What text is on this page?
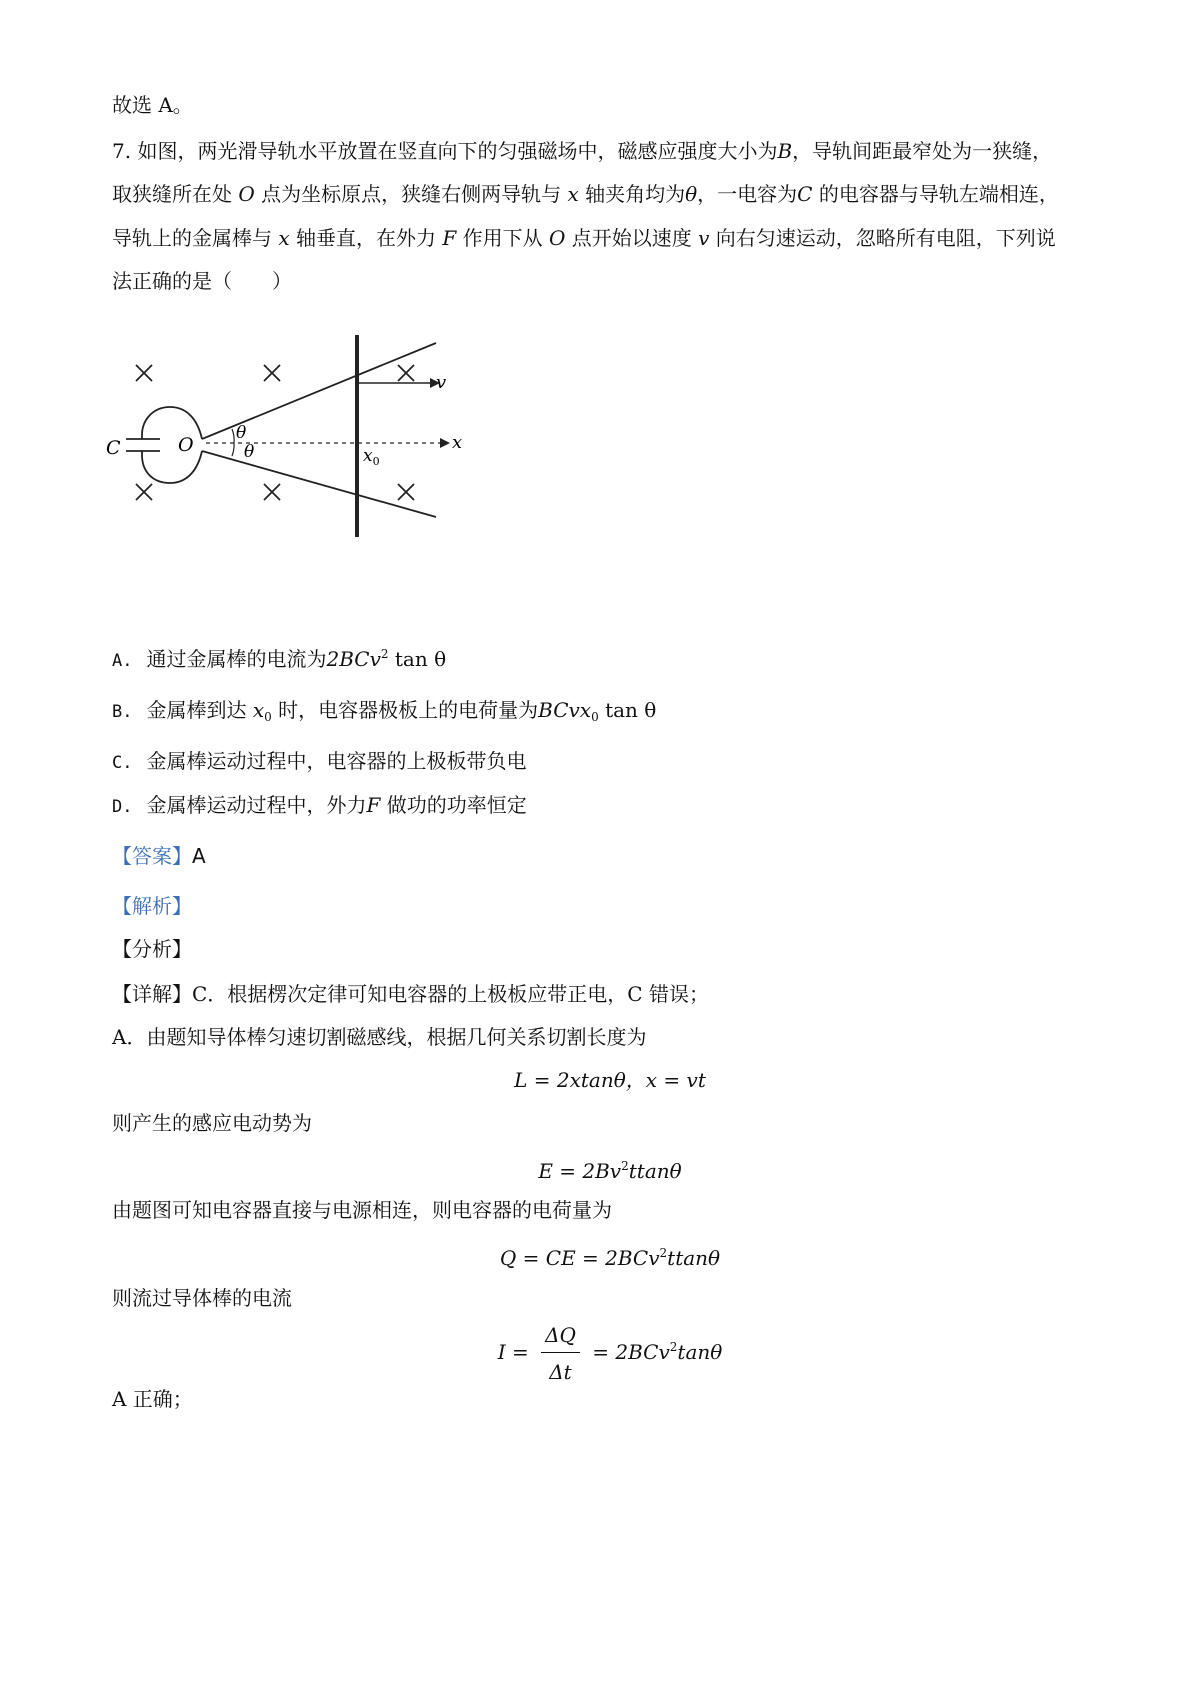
故选 A。
7. 如图，两光滑导轨水平放置在竖直向下的匀强磁场中，磁感应强度大小为B，导轨间距最窄处为一狭缝，
取狭缝所在处 O 点为坐标原点，狭缝右侧两导轨与 x 轴夹角均为θ，一电容为C 的电容器与导轨左端相连，
导轨上的金属棒与 x 轴垂直，在外力 F 作用下从 O 点开始以速度 v 向右匀速运动，忽略所有电阻，下列说
法正确的是（　　）
C	O
θ
θ
v
x
$x_0$
A. 通过金属棒的电流为2BCv$^2$ tan θ
B. 金属棒到达 $x_0$ 时，电容器极板上的电荷量为BCvx$_0$ tan θ
C. 金属棒运动过程中，电容器的上极板带负电
D. 金属棒运动过程中，外力F 做功的功率恒定
【答案】A
【解析】
【分析】
【详解】C．根据楞次定律可知电容器的上极板应带正电，C 错误；
A．由题知导体棒匀速切割磁感线，根据几何关系切割长度为
L = 2xtanθ，x = vt
则产生的感应电动势为
$E = 2Bv^2ttan\theta$
由题图可知电容器直接与电源相连，则电容器的电荷量为
Q = CE = 2BCv$^2$ttanθ
则流过导体棒的电流
$I = \frac{\Delta Q}{\Delta t} = 2BCv^2\tan\theta$
A 正确；
